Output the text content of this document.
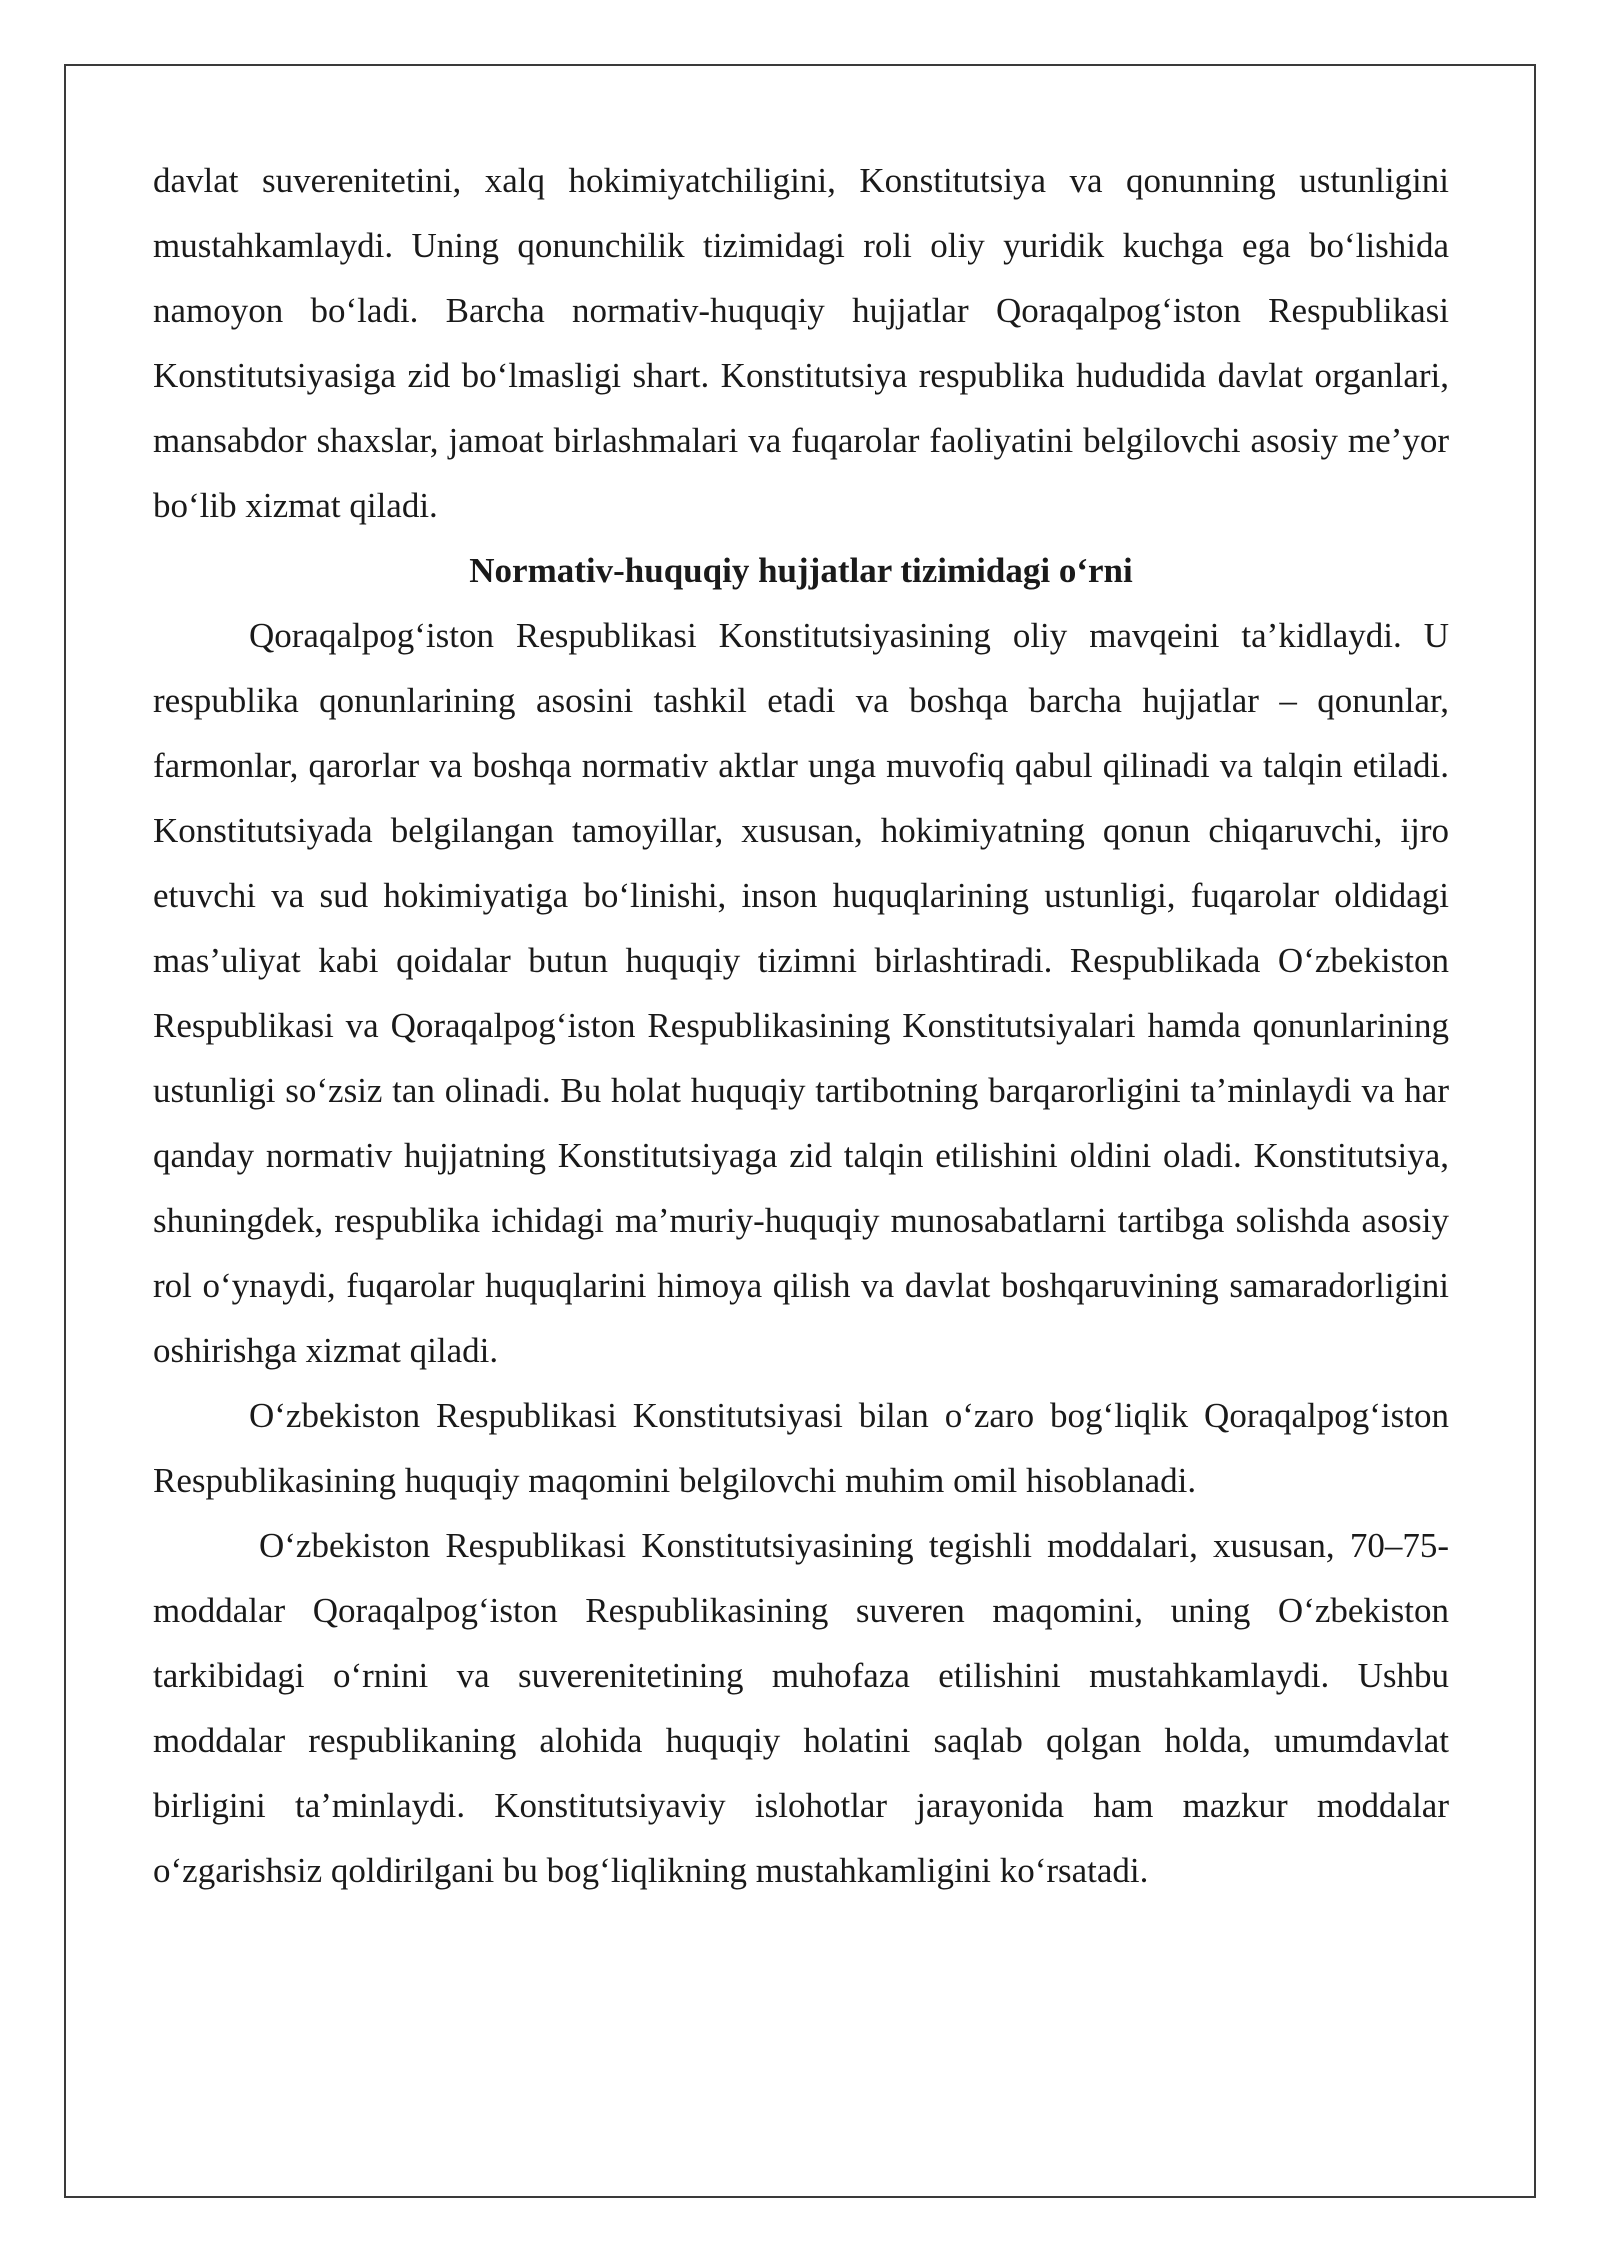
davlat suverenitetini, xalq hokimiyatchiligini, Konstitutsiya va qonunning ustunligini mustahkamlaydi. Uning qonunchilik tizimidagi roli oliy yuridik kuchga ega bo‘lishida namoyon bo‘ladi. Barcha normativ-huquqiy hujjatlar Qoraqalpog‘iston Respublikasi Konstitutsiyasiga zid bo‘lmasligi shart. Konstitutsiya respublika hududida davlat organlari, mansabdor shaxslar, jamoat birlashmalari va fuqarolar faoliyatini belgilovchi asosiy me’yor bo‘lib xizmat qiladi.

Normativ-huquqiy hujjatlar tizimidagi o‘rni

Qoraqalpog‘iston Respublikasi Konstitutsiyasining oliy mavqeini ta’kidlaydi. U respublika qonunlarining asosini tashkil etadi va boshqa barcha hujjatlar – qonunlar, farmonlar, qarorlar va boshqa normativ aktlar unga muvofiq qabul qilinadi va talqin etiladi. Konstitutsiyada belgilangan tamoyillar, xususan, hokimiyatning qonun chiqaruvchi, ijro etuvchi va sud hokimiyatiga bo‘linishi, inson huquqlarining ustunligi, fuqarolar oldidagi mas’uliyat kabi qoidalar butun huquqiy tizimni birlashtiradi. Respublikada O‘zbekiston Respublikasi va Qoraqalpog‘iston Respublikasining Konstitutsiyalari hamda qonunlarining ustunligi so‘zsiz tan olinadi. Bu holat huquqiy tartibotning barqarorligini ta’minlaydi va har qanday normativ hujjatning Konstitutsiyaga zid talqin etilishini oldini oladi. Konstitutsiya, shuningdek, respublika ichidagi ma’muriy-huquqiy munosabatlarni tartibga solishda asosiy rol o‘ynaydi, fuqarolar huquqlarini himoya qilish va davlat boshqaruvining samaradorligini oshirishga xizmat qiladi.

O‘zbekiston Respublikasi Konstitutsiyasi bilan o‘zaro bog‘liqlik Qoraqalpog‘iston Respublikasining huquqiy maqomini belgilovchi muhim omil hisoblanadi.

O‘zbekiston Respublikasi Konstitutsiyasining tegishli moddalari, xususan, 70–75-moddalar Qoraqalpog‘iston Respublikasining suveren maqomini, uning O‘zbekiston tarkibidagi o‘rnini va suverenitetining muhofaza etilishini mustahkamlaydi. Ushbu moddalar respublikaning alohida huquqiy holatini saqlab qolgan holda, umumdavlat birligini ta’minlaydi. Konstitutsiyaviy islohotlar jarayonida ham mazkur moddalar o‘zgarishsiz qoldirilgani bu bog‘liqlikning mustahkamligini ko‘rsatadi.
